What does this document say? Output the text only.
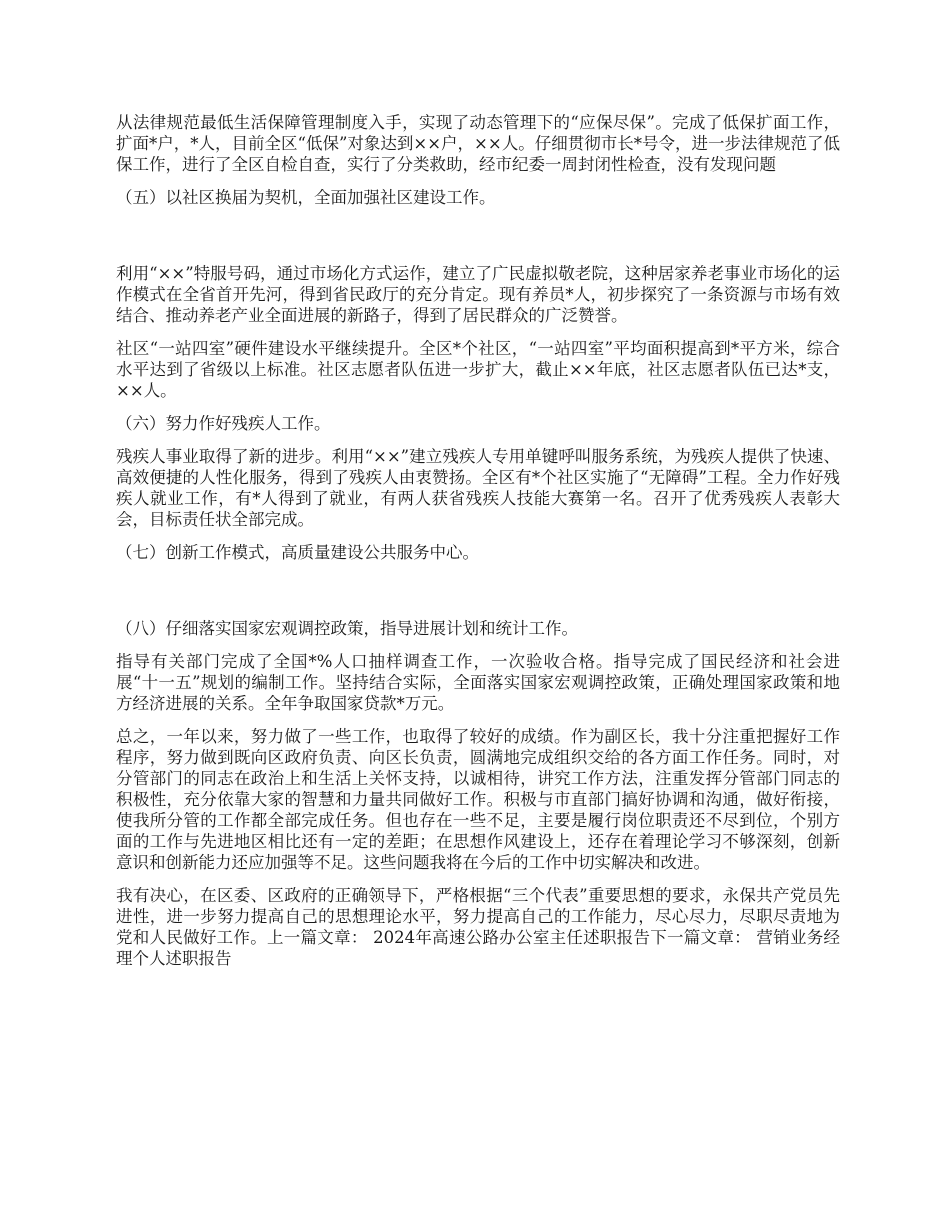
从法律规范最低生活保障管理制度入手，实现了动态管理下的“应保尽保”。完成了低保扩面工作，扩面*户，*人，目前全区“低保”对象达到××户，××人。仔细贯彻市长*号令，进一步法律规范了低保工作，进行了全区自检自查，实行了分类救助，经市纪委一周封闭性检查，没有发现问题

（五）以社区换届为契机，全面加强社区建设工作。

利用“××”特服号码，通过市场化方式运作，建立了广民虚拟敬老院，这种居家养老事业市场化的运作模式在全省首开先河，得到省民政厅的充分肯定。现有养员*人，初步探究了一条资源与市场有效结合、推动养老产业全面进展的新路子，得到了居民群众的广泛赞誉。

社区“一站四室”硬件建设水平继续提升。全区*个社区，“一站四室”平均面积提高到*平方米，综合水平达到了省级以上标准。社区志愿者队伍进一步扩大，截止××年底，社区志愿者队伍已达*支，××人。

（六）努力作好残疾人工作。

残疾人事业取得了新的进步。利用“××”建立残疾人专用单键呼叫服务系统，为残疾人提供了快速、高效便捷的人性化服务，得到了残疾人由衷赞扬。全区有*个社区实施了“无障碍”工程。全力作好残疾人就业工作，有*人得到了就业，有两人获省残疾人技能大赛第一名。召开了优秀残疾人表彰大会，目标责任状全部完成。

（七）创新工作模式，高质量建设公共服务中心。

（八）仔细落实国家宏观调控政策，指导进展计划和统计工作。

指导有关部门完成了全国*%人口抽样调查工作，一次验收合格。指导完成了国民经济和社会进展“十一五”规划的编制工作。坚持结合实际，全面落实国家宏观调控政策，正确处理国家政策和地方经济进展的关系。全年争取国家贷款*万元。

总之，一年以来，努力做了一些工作，也取得了较好的成绩。作为副区长，我十分注重把握好工作程序，努力做到既向区政府负责、向区长负责，圆满地完成组织交给的各方面工作任务。同时，对分管部门的同志在政治上和生活上关怀支持，以诚相待，讲究工作方法，注重发挥分管部门同志的积极性，充分依靠大家的智慧和力量共同做好工作。积极与市直部门搞好协调和沟通，做好衔接，使我所分管的工作都全部完成任务。但也存在一些不足，主要是履行岗位职责还不尽到位，个别方面的工作与先进地区相比还有一定的差距；在思想作风建设上，还存在着理论学习不够深刻，创新意识和创新能力还应加强等不足。这些问题我将在今后的工作中切实解决和改进。

我有决心，在区委、区政府的正确领导下，严格根据“三个代表”重要思想的要求，永保共产党员先进性，进一步努力提高自己的思想理论水平，努力提高自己的工作能力，尽心尽力，尽职尽责地为党和人民做好工作。上一篇文章： 2024年高速公路办公室主任述职报告下一篇文章： 营销业务经理个人述职报告
